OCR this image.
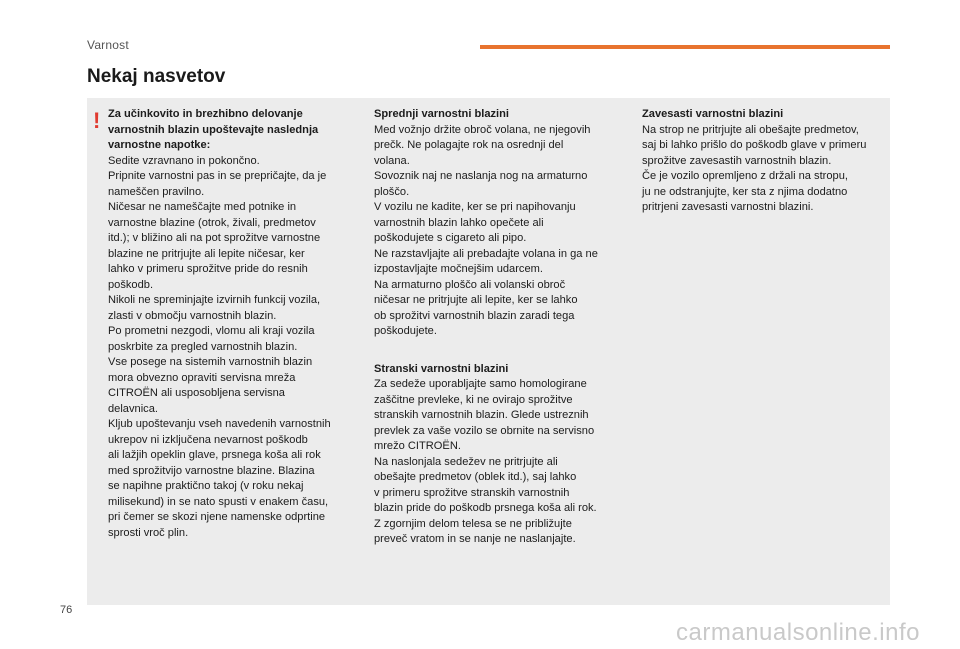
Varnost
Nekaj nasvetov
! Za učinkovito in brezhibno delovanje
varnostnih blazin upoštevajte naslednja
varnostne napotke:

Sedite vzravnano in pokončno.
Pripnite varnostni pas in se prepričajte, da je
nameščen pravilno.
Ničesar ne nameščajte med potnike in
varnostne blazine (otrok, živali, predmetov
itd.); v bližino ali na pot sprožitve varnostne
blazine ne pritrjujte ali lepite ničesar, ker
lahko v primeru sprožitve pride do resnih
poškodb.
Nikoli ne spreminjajte izvirnih funkcij vozila,
zlasti v območju varnostnih blazin.
Po prometni nezgodi, vlomu ali kraji vozila
poskrbite za pregled varnostnih blazin.
Vse posege na sistemih varnostnih blazin
mora obvezno opraviti servisna mreža
CITROËN ali usposobljena servisna
delavnica.
Kljub upoštevanju vseh navedenih varnostnih
ukrepov ni izključena nevarnost poškodb
ali lažjih opeklin glave, prsnega koša ali rok
med sprožitvijo varnostne blazine. Blazina
se napihne praktično takoj (v roku nekaj
milisekund) in se nato spusti v enakem času,
pri čemer se skozi njene namenske odprtine
sprosti vroč plin.

Sprednji varnostni blazini

Med vožnjo držite obroč volana, ne njegovih
prečk. Ne polagajte rok na osrednji del
volana.
Sovoznik naj ne naslanja nog na armaturno
ploščo.
V vozilu ne kadite, ker se pri napihovanju
varnostnih blazin lahko opečete ali
poškodujete s cigareto ali pipo.
Ne razstavljajte ali prebadajte volana in ga ne
izpostavljajte močnejšim udarcem.
Na armaturno ploščo ali volanski obroč
ničesar ne pritrjujte ali lepite, ker se lahko
ob sprožitvi varnostnih blazin zaradi tega
poškodujete.

Stranski varnostni blazini

Za sedeže uporabljajte samo homologirane
zaščitne prevleke, ki ne ovirajo sprožitve
stranskih varnostnih blazin. Glede ustreznih
prevlek za vaše vozilo se obrnite na servisno
mrežo CITROËN.
Na naslonjala sedežev ne pritrjujte ali
obešajte predmetov (oblek itd.), saj lahko
v primeru sprožitve stranskih varnostnih
blazin pride do poškodb prsnega koša ali rok.
Z zgornjim delom telesa se ne približujte
preveč vratom in se nanje ne naslanjajte.

Zavesasti varnostni blazini

Na strop ne pritrjujte ali obešajte predmetov,
saj bi lahko prišlo do poškodb glave v primeru
sprožitve zavesastih varnostnih blazin.
Če je vozilo opremljeno z držali na stropu,
ju ne odstranjujte, ker sta z njima dodatno
pritrjeni zavesasti varnostni blazini.

76
carmanualsonline.info
